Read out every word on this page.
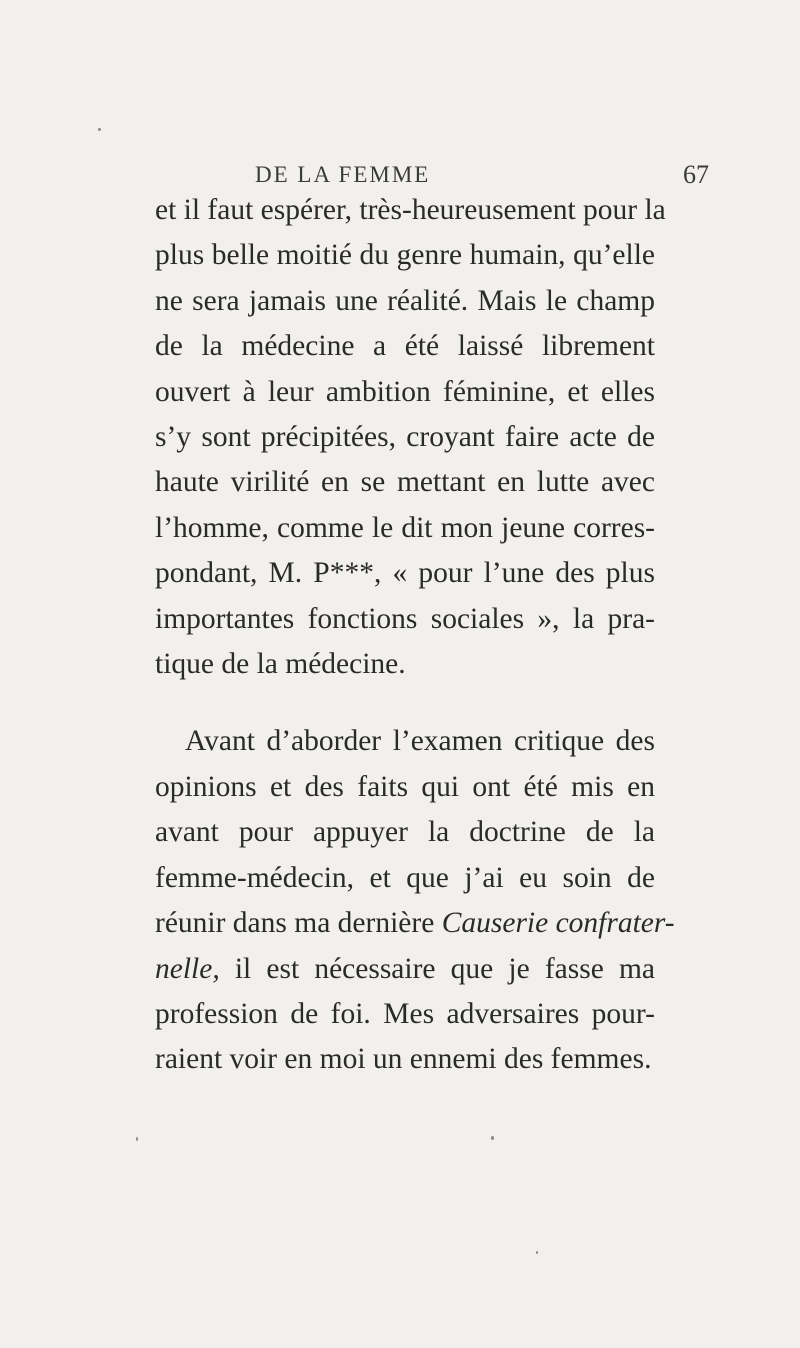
DE LA FEMME	67

et il faut espérer, très-heureusement pour la
plus belle moitié du genre humain, qu’elle
ne sera jamais une réalité. Mais le champ
de la médecine a été laissé librement
ouvert à leur ambition féminine, et elles
s’y sont précipitées, croyant faire acte de
haute virilité en se mettant en lutte avec
l’homme, comme le dit mon jeune corres-
pondant, M. P***, « pour l’une des plus
importantes fonctions sociales », la pra-
tique de la médecine.

Avant d’aborder l’examen critique des
opinions et des faits qui ont été mis en
avant pour appuyer la doctrine de la
femme-médecin, et que j’ai eu soin de
réunir dans ma dernière Causerie confrater-
nelle, il est nécessaire que je fasse ma
profession de foi. Mes adversaires pour-
raient voir en moi un ennemi des femmes.
